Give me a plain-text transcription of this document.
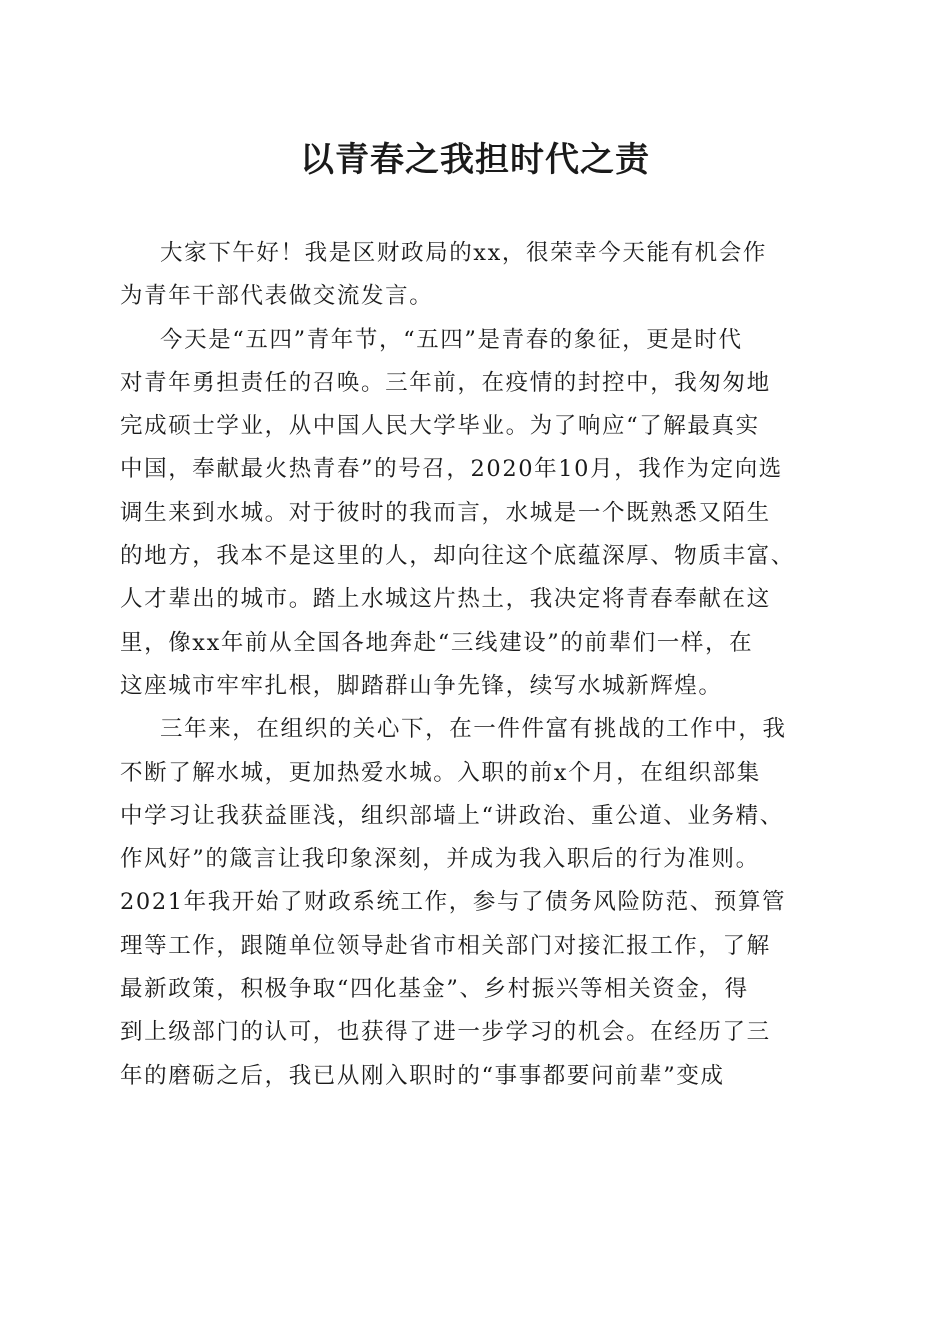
以青春之我担时代之责
大家下午好！我是区财政局的xx，很荣幸今天能有机会作
为青年干部代表做交流发言。
今天是“五四”青年节，“五四”是青春的象征，更是时代
对青年勇担责任的召唤。三年前，在疫情的封控中，我匆匆地
完成硕士学业，从中国人民大学毕业。为了响应“了解最真实
中国，奉献最火热青春”的号召，2020年10月，我作为定向选
调生来到水城。对于彼时的我而言，水城是一个既熟悉又陌生
的地方，我本不是这里的人，却向往这个底蕴深厚、物质丰富、
人才辈出的城市。踏上水城这片热土，我决定将青春奉献在这
里，像xx年前从全国各地奔赴“三线建设”的前辈们一样，在
这座城市牢牢扎根，脚踏群山争先锋，续写水城新辉煌。
三年来，在组织的关心下，在一件件富有挑战的工作中，我
不断了解水城，更加热爱水城。入职的前x个月，在组织部集
中学习让我获益匪浅，组织部墙上“讲政治、重公道、业务精、
作风好”的箴言让我印象深刻，并成为我入职后的行为准则。
2021年我开始了财政系统工作，参与了债务风险防范、预算管
理等工作，跟随单位领导赴省市相关部门对接汇报工作，了解
最新政策，积极争取“四化基金”、乡村振兴等相关资金，得
到上级部门的认可，也获得了进一步学习的机会。在经历了三
年的磨砺之后，我已从刚入职时的“事事都要问前辈”变成
